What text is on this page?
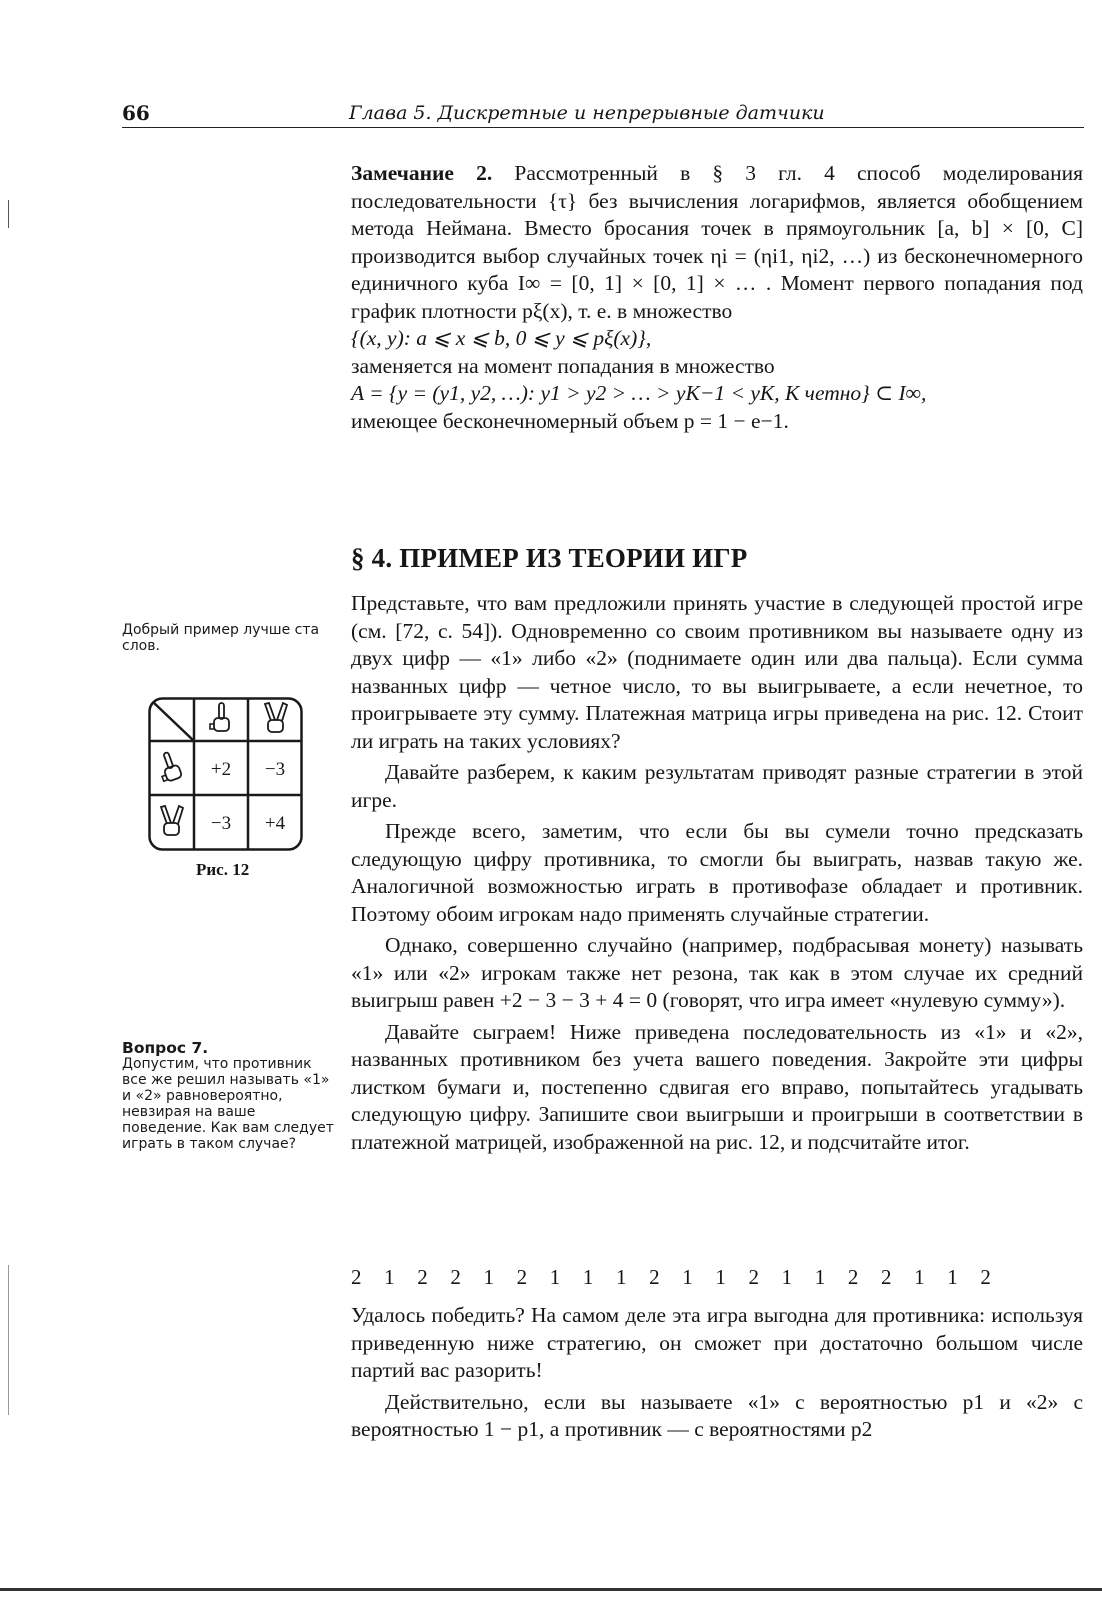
66	Глава 5. Дискретные и непрерывные датчики

Замечание 2. Рассмотренный в § 3 гл. 4 способ моделирования последовательности {τ} без вычисления логарифмов, является обобщением метода Неймана. Вместо бросания точек в прямоугольник [a, b] × [0, C] производится выбор случайных точек ηi = (ηi1, ηi2, …) из бесконечномерного единичного куба I∞ = [0, 1] × [0, 1] × … . Момент первого попадания под график плотности pξ(x), т. е. в множество

{(x, y): a ⩽ x ⩽ b, 0 ⩽ y ⩽ pξ(x)},

заменяется на момент попадания в множество

A = {y = (y1, y2, …): y1 > y2 > … > yK−1 < yK, K четно} ⊂ I∞,

имеющее бесконечномерный объем p = 1 − e−1.

§ 4. ПРИМЕР ИЗ ТЕОРИИ ИГР

Представьте, что вам предложили принять участие в следующей простой игре (см. [72, с. 54]). Одновременно со своим противником вы называете одну из двух цифр — «1» либо «2» (поднимаете один или два пальца). Если сумма названных цифр — четное число, то вы выигрываете, а если нечетное, то проигрываете эту сумму. Платежная матрица игры приведена на рис. 12. Стоит ли играть на таких условиях?

Давайте разберем, к каким результатам приводят разные стратегии в этой игре.

Прежде всего, заметим, что если бы вы сумели точно предсказать следующую цифру противника, то смогли бы выиграть, назвав такую же. Аналогичной возможностью играть в противофазе обладает и противник. Поэтому обоим игрокам надо применять случайные стратегии.

Однако, совершенно случайно (например, подбрасывая монету) называть «1» или «2» игрокам также нет резона, так как в этом случае их средний выигрыш равен +2 − 3 − 3 + 4 = 0 (говорят, что игра имеет «нулевую сумму»).

Давайте сыграем! Ниже приведена последовательность из «1» и «2», названных противником без учета вашего поведения. Закройте эти цифры листком бумаги и, постепенно сдвигая его вправо, попытайтесь угадывать следующую цифру. Запишите свои выигрыши и проигрыши в соответствии в платежной матрицей, изображенной на рис. 12, и подсчитайте итог.

2 1 2 2 1 2 1 1 1 2 1 1 2 1 1 2 2 1 1 2

Удалось победить? На самом деле эта игра выгодна для противника: используя приведенную ниже стратегию, он сможет при достаточно большом числе партий вас разорить!

Действительно, если вы называете «1» с вероятностью p1 и «2» с вероятностью 1 − p1, а противник — с вероятностями p2

Добрый пример лучше ста слов.
Вопрос 7.
Допустим, что противник все же решил называть «1» и «2» равновероятно, невзирая на ваше поведение. Как вам следует играть в таком случае?
+2 −3
−3 +4
Рис. 12
